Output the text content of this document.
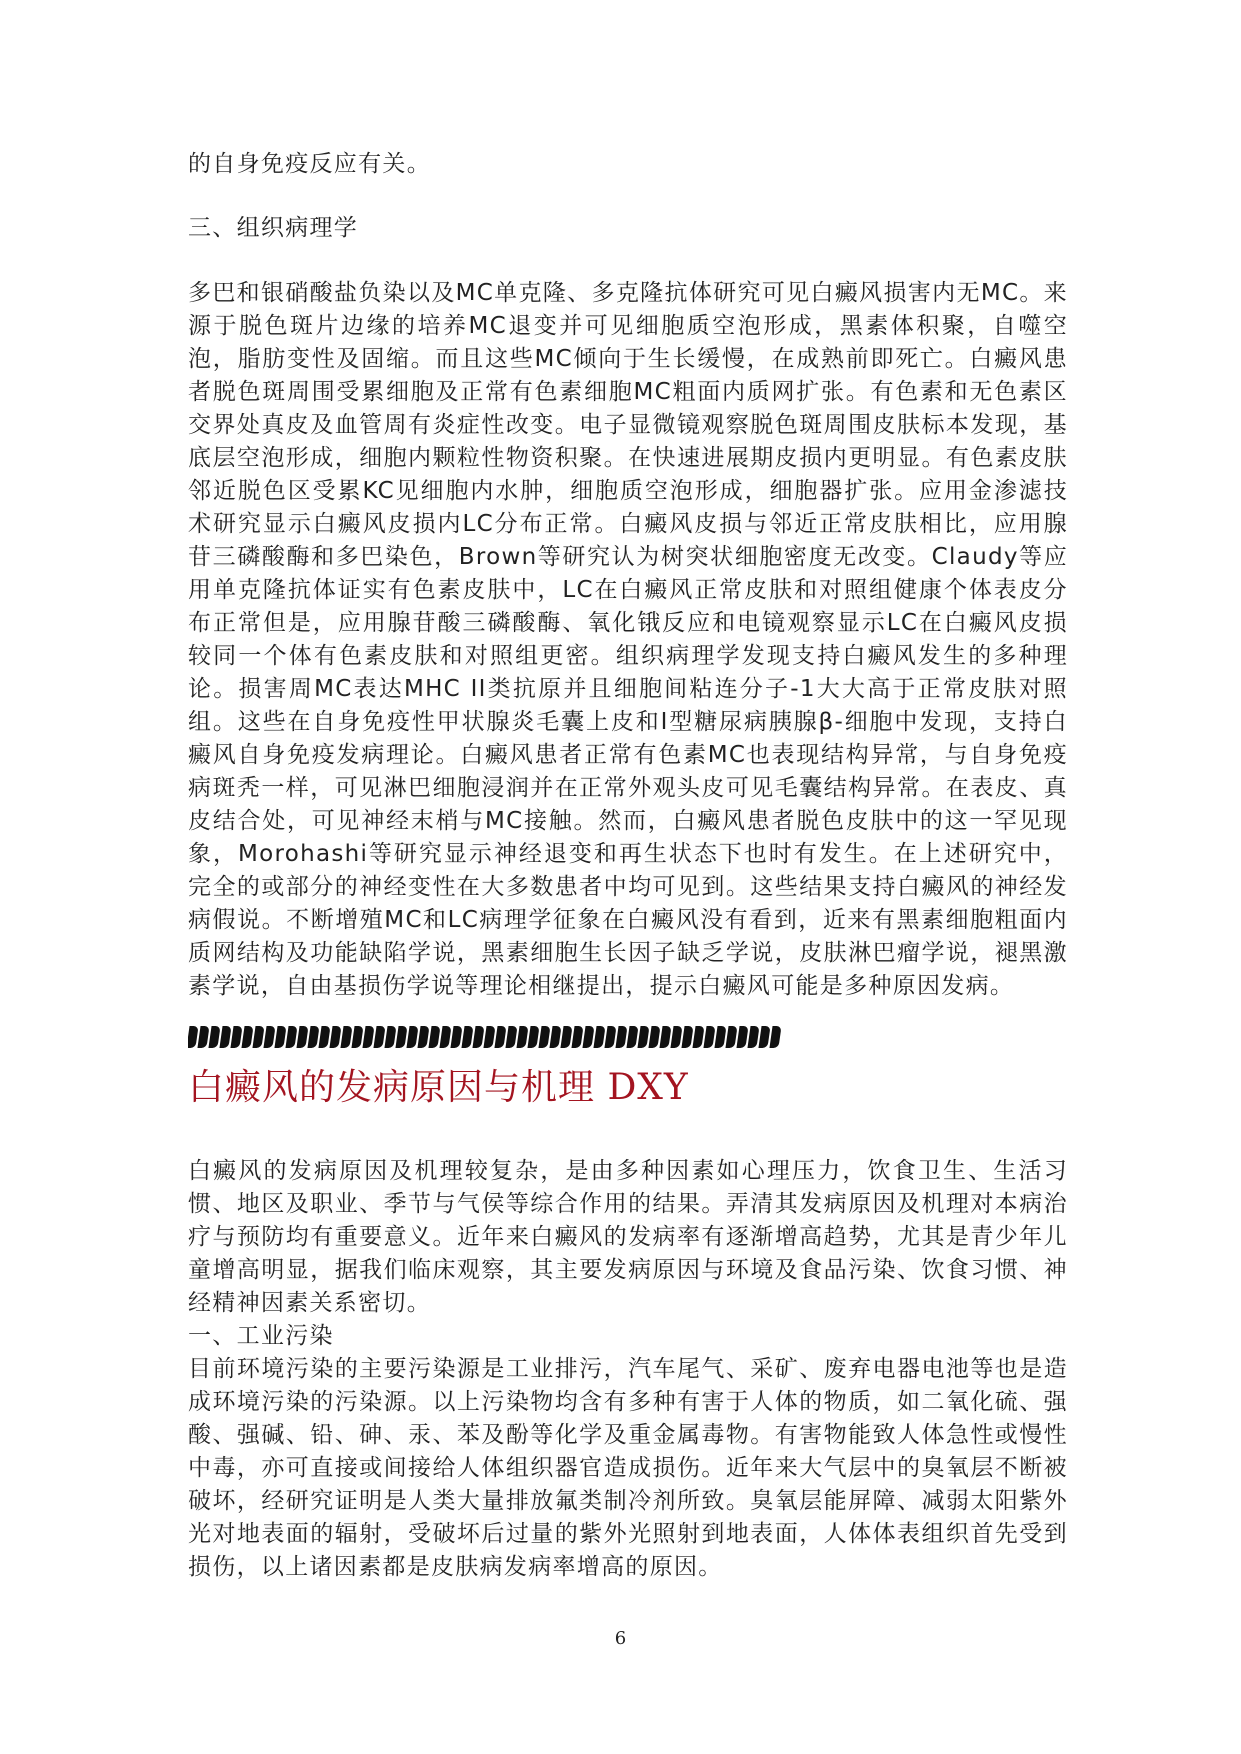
的自身免疫反应有关。

三、组织病理学

多巴和银硝酸盐负染以及MC单克隆、多克隆抗体研究可见白癜风损害内无MC。来源于脱色斑片边缘的培养MC退变并可见细胞质空泡形成，黑素体积聚，自噬空泡，脂肪变性及固缩。而且这些MC倾向于生长缓慢，在成熟前即死亡。白癜风患者脱色斑周围受累细胞及正常有色素细胞MC粗面内质网扩张。有色素和无色素区交界处真皮及血管周有炎症性改变。电子显微镜观察脱色斑周围皮肤标本发现，基底层空泡形成，细胞内颗粒性物资积聚。在快速进展期皮损内更明显。有色素皮肤邻近脱色区受累KC见细胞内水肿，细胞质空泡形成，细胞器扩张。应用金渗滤技术研究显示白癜风皮损内LC分布正常。白癜风皮损与邻近正常皮肤相比，应用腺苷三磷酸酶和多巴染色，Brown等研究认为树突状细胞密度无改变。Claudy等应用单克隆抗体证实有色素皮肤中，LC在白癜风正常皮肤和对照组健康个体表皮分布正常但是，应用腺苷酸三磷酸酶、氧化锇反应和电镜观察显示LC在白癜风皮损较同一个体有色素皮肤和对照组更密。组织病理学发现支持白癜风发生的多种理论。损害周MC表达MHC II类抗原并且细胞间粘连分子-1大大高于正常皮肤对照组。这些在自身免疫性甲状腺炎毛囊上皮和I型糖尿病胰腺β-细胞中发现，支持白癜风自身免疫发病理论。白癜风患者正常有色素MC也表现结构异常，与自身免疫病斑秃一样，可见淋巴细胞浸润并在正常外观头皮可见毛囊结构异常。在表皮、真皮结合处，可见神经末梢与MC接触。然而，白癜风患者脱色皮肤中的这一罕见现象，Morohashi等研究显示神经退变和再生状态下也时有发生。在上述研究中，完全的或部分的神经变性在大多数患者中均可见到。这些结果支持白癜风的神经发病假说。不断增殖MC和LC病理学征象在白癜风没有看到，近来有黑素细胞粗面内质网结构及功能缺陷学说，黑素细胞生长因子缺乏学说，皮肤淋巴瘤学说，褪黑激素学说，自由基损伤学说等理论相继提出，提示白癜风可能是多种原因发病。

白癜风的发病原因与机理 DXY

白癜风的发病原因及机理较复杂，是由多种因素如心理压力，饮食卫生、生活习惯、地区及职业、季节与气侯等综合作用的结果。弄清其发病原因及机理对本病治疗与预防均有重要意义。近年来白癜风的发病率有逐渐增高趋势，尤其是青少年儿童增高明显，据我们临床观察，其主要发病原因与环境及食品污染、饮食习惯、神经精神因素关系密切。

一、工业污染

目前环境污染的主要污染源是工业排污，汽车尾气、采矿、废弃电器电池等也是造成环境污染的污染源。以上污染物均含有多种有害于人体的物质，如二氧化硫、强酸、强碱、铅、砷、汞、苯及酚等化学及重金属毒物。有害物能致人体急性或慢性中毒，亦可直接或间接给人体组织器官造成损伤。近年来大气层中的臭氧层不断被破坏，经研究证明是人类大量排放氟类制冷剂所致。臭氧层能屏障、减弱太阳紫外光对地表面的辐射，受破坏后过量的紫外光照射到地表面，人体体表组织首先受到损伤，以上诸因素都是皮肤病发病率增高的原因。

6
